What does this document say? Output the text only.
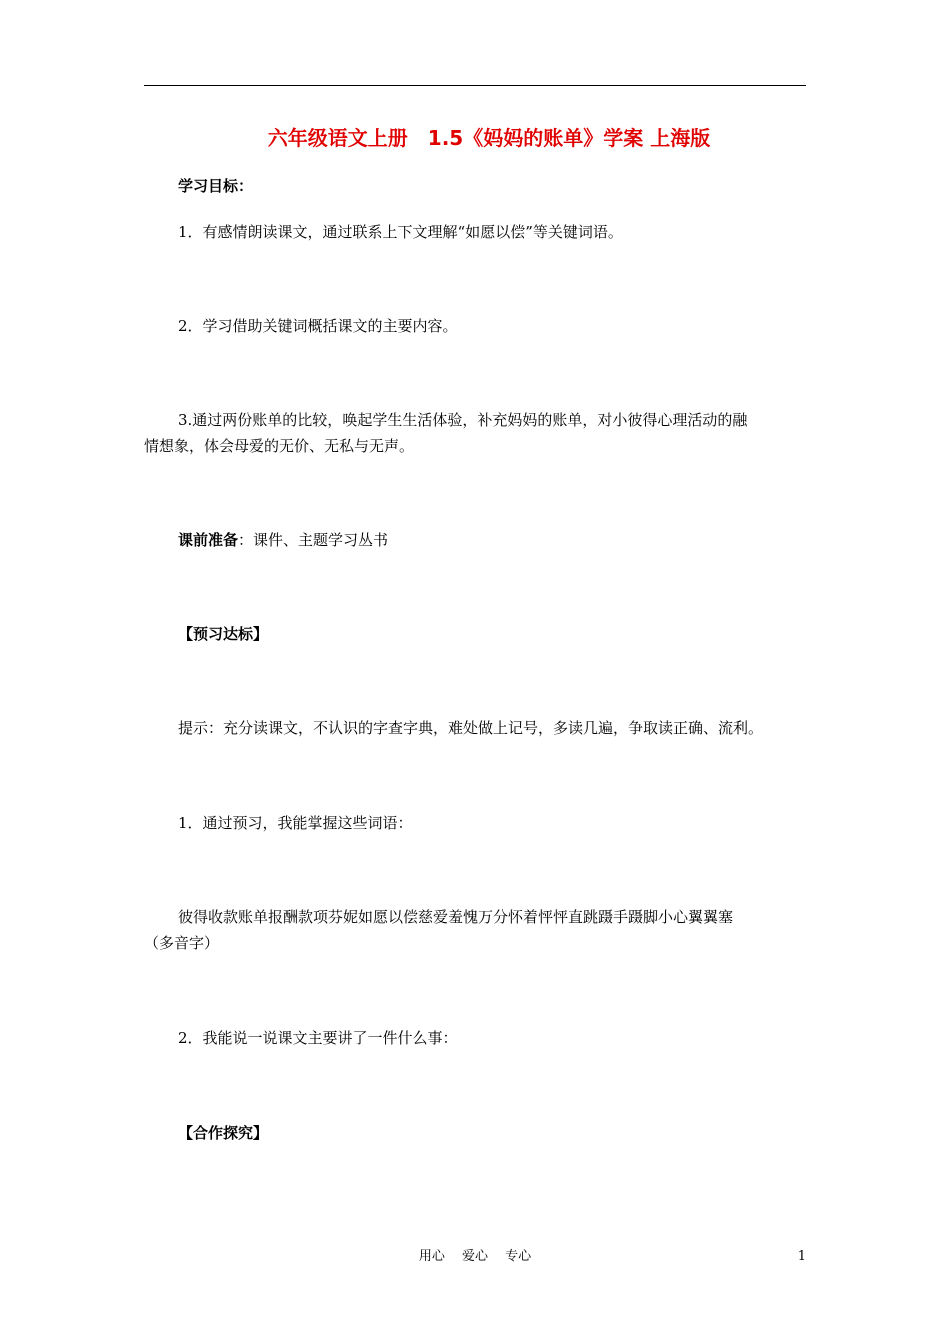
六年级语文上册　1.5《妈妈的账单》学案 上海版
学习目标：
1．有感情朗读课文，通过联系上下文理解“如愿以偿”等关键词语。
2．学习借助关键词概括课文的主要内容。
3.通过两份账单的比较，唤起学生生活体验，补充妈妈的账单，对小彼得心理活动的融
情想象，体会母爱的无价、无私与无声。
课前准备：课件、主题学习丛书
【预习达标】
提示：充分读课文，不认识的字查字典，难处做上记号，多读几遍，争取读正确、流利。
1．通过预习，我能掌握这些词语：
彼得收款账单报酬款项芬妮如愿以偿慈爱羞愧万分怀着怦怦直跳蹑手蹑脚小心翼翼塞
（多音字）
2．我能说一说课文主要讲了一件什么事：
【合作探究】
用心　 爱心　 专心	1
